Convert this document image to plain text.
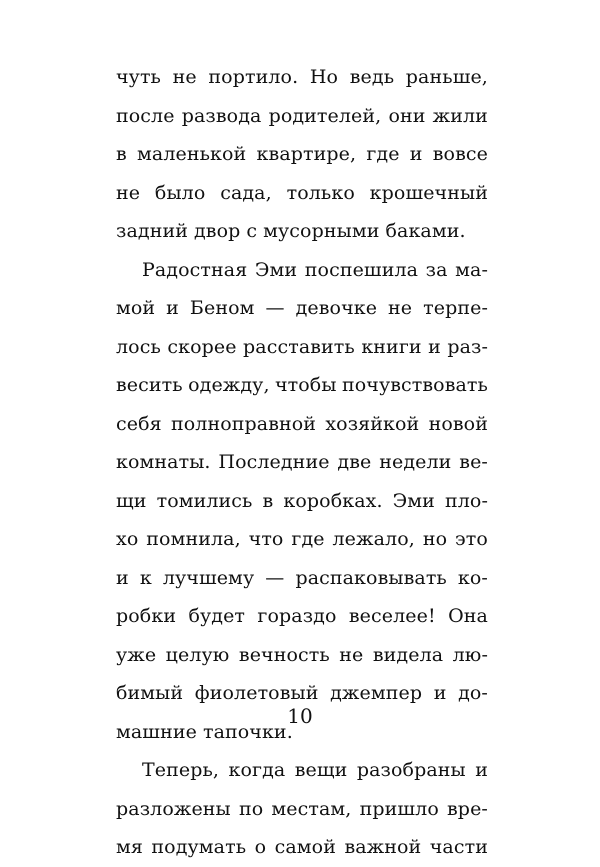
чуть не портило. Но ведь раньше,
после развода родителей, они жили
в маленькой квартире, где и вовсе
не было сада, только крошечный
задний двор с мусорными баками.
Радостная Эми поспешила за ма-
мой и Беном — девочке не терпе-
лось скорее расставить книги и раз-
весить одежду, чтобы почувствовать
себя полноправной хозяйкой новой
комнаты. Последние две недели ве-
щи томились в коробках. Эми пло-
хо помнила, что где лежало, но это
и к лучшему — распаковывать ко-
робки будет гораздо веселее! Она
уже целую вечность не видела лю-
бимый фиолетовый джемпер и до-
машние тапочки.
Теперь, когда вещи разобраны и
разложены по местам, пришло вре-
мя подумать о самой важной части
10
